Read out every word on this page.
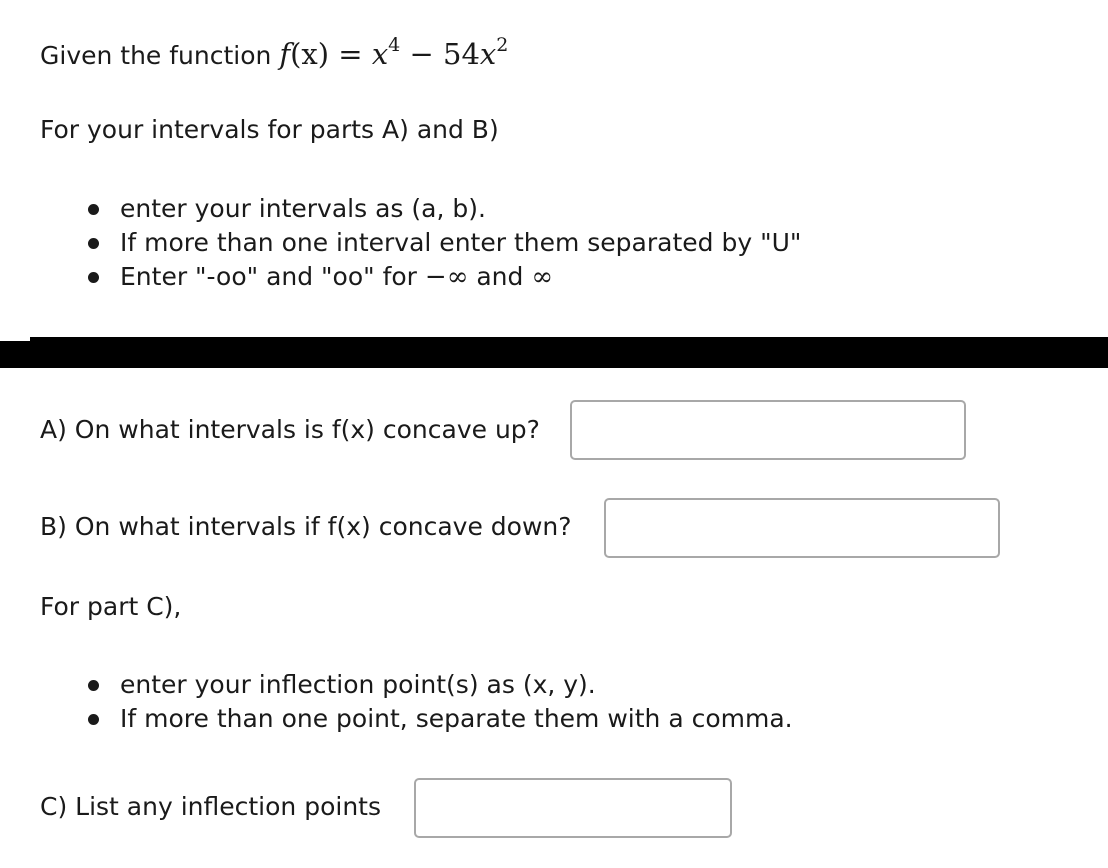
Given the function $f(x) = x^4 - 54x^2$
For your intervals for parts A) and B)
enter your intervals as (a, b).
If more than one interval enter them separated by "U"
Enter "-oo" and "oo" for −∞ and ∞
A) On what intervals is f(x) concave up?
B) On what intervals if f(x) concave down?
For part C),
enter your inflection point(s) as (x, y).
If more than one point, separate them with a comma.
C) List any inflection points
